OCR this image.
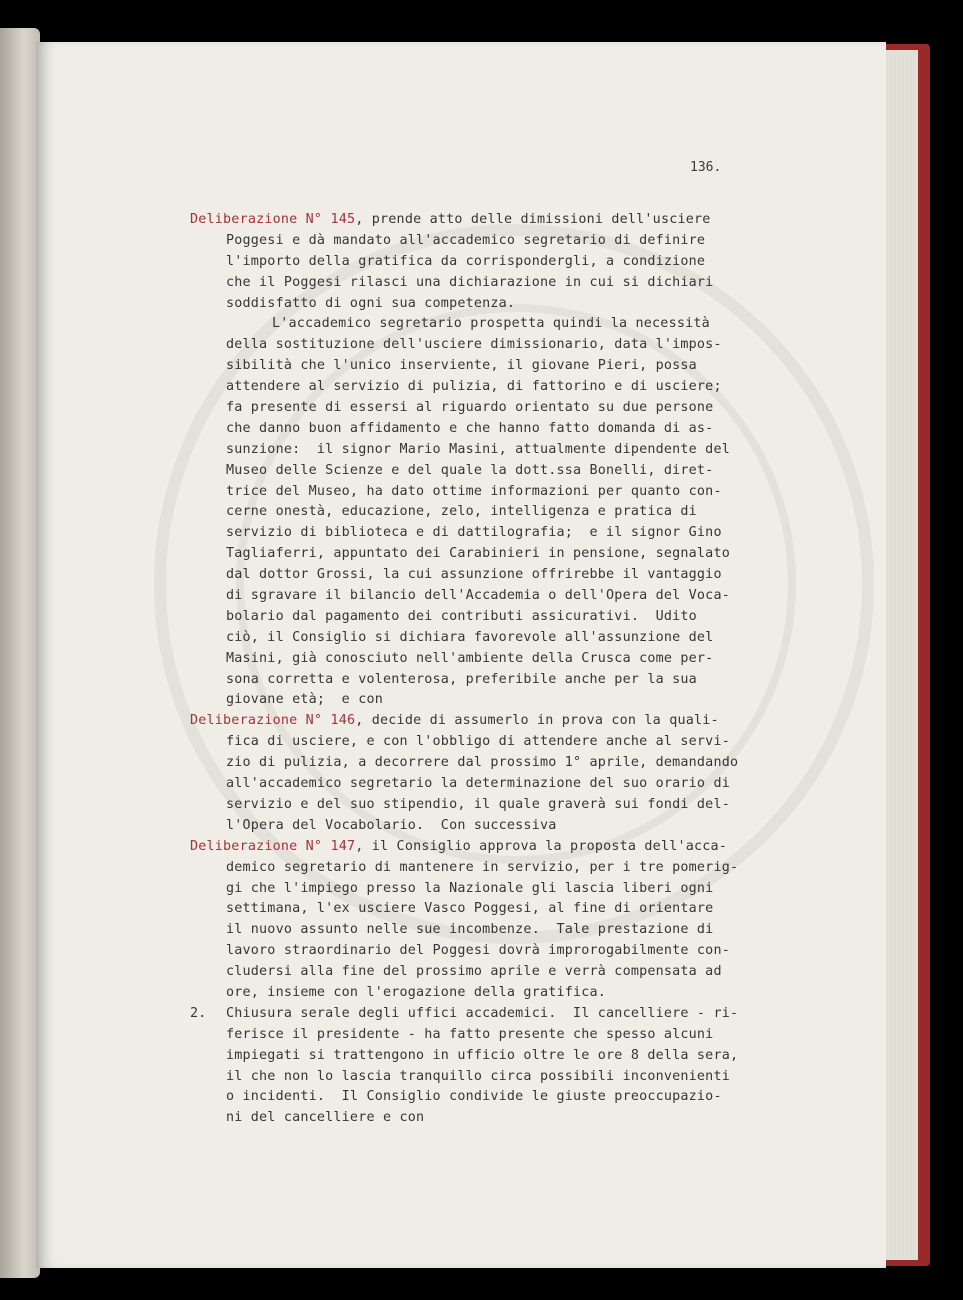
136.
Deliberazione N° 145, prende atto delle dimissioni dell'usciere
Poggesi e dà mandato all'accademico segretario di definire
l'importo della gratifica da corrispondergli, a condizione
che il Poggesi rilasci una dichiarazione in cui si dichiari
soddisfatto di ogni sua competenza.
L'accademico segretario prospetta quindi la necessità
della sostituzione dell'usciere dimissionario, data l'impos-
sibilità che l'unico inserviente, il giovane Pieri, possa
attendere al servizio di pulizia, di fattorino e di usciere;
fa presente di essersi al riguardo orientato su due persone
che danno buon affidamento e che hanno fatto domanda di as-
sunzione:  il signor Mario Masini, attualmente dipendente del
Museo delle Scienze e del quale la dott.ssa Bonelli, diret-
trice del Museo, ha dato ottime informazioni per quanto con-
cerne onestà, educazione, zelo, intelligenza e pratica di
servizio di biblioteca e di dattilografia;  e il signor Gino
Tagliaferri, appuntato dei Carabinieri in pensione, segnalato
dal dottor Grossi, la cui assunzione offrirebbe il vantaggio
di sgravare il bilancio dell'Accademia o dell'Opera del Voca-
bolario dal pagamento dei contributi assicurativi.  Udito
ciò, il Consiglio si dichiara favorevole all'assunzione del
Masini, già conosciuto nell'ambiente della Crusca come per-
sona corretta e volenterosa, preferibile anche per la sua
giovane età;  e con
Deliberazione N° 146, decide di assumerlo in prova con la quali-
fica di usciere, e con l'obbligo di attendere anche al servi-
zio di pulizia, a decorrere dal prossimo 1° aprile, demandando
all'accademico segretario la determinazione del suo orario di
servizio e del suo stipendio, il quale graverà sui fondi del-
l'Opera del Vocabolario.  Con successiva
Deliberazione N° 147, il Consiglio approva la proposta dell'acca-
demico segretario di mantenere in servizio, per i tre pomerig-
gi che l'impiego presso la Nazionale gli lascia liberi ogni
settimana, l'ex usciere Vasco Poggesi, al fine di orientare
il nuovo assunto nelle sue incombenze.  Tale prestazione di
lavoro straordinario del Poggesi dovrà improrogabilmente con-
cludersi alla fine del prossimo aprile e verrà compensata ad
ore, insieme con l'erogazione della gratifica.
2. Chiusura serale degli uffici accademici.  Il cancelliere - ri-
ferisce il presidente - ha fatto presente che spesso alcuni
impiegati si trattengono in ufficio oltre le ore 8 della sera,
il che non lo lascia tranquillo circa possibili inconvenienti
o incidenti.  Il Consiglio condivide le giuste preoccupazio-
ni del cancelliere e con
